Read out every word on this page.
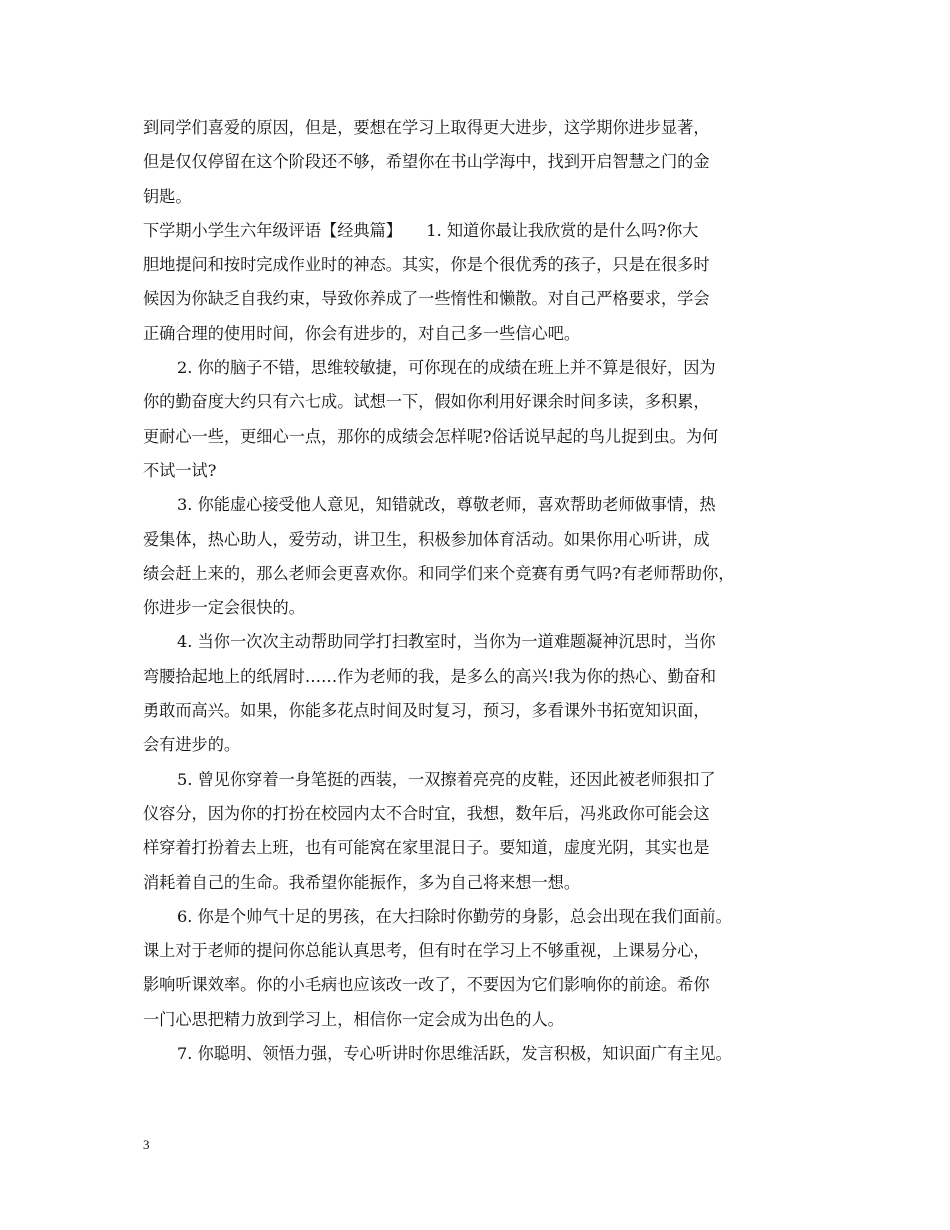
到同学们喜爱的原因，但是，要想在学习上取得更大进步，这学期你进步显著，
但是仅仅停留在这个阶段还不够，希望你在书山学海中，找到开启智慧之门的金
钥匙。
下学期小学生六年级评语【经典篇】　　1. 知道你最让我欣赏的是什么吗?你大
胆地提问和按时完成作业时的神态。其实，你是个很优秀的孩子，只是在很多时
候因为你缺乏自我约束，导致你养成了一些惰性和懒散。对自己严格要求，学会
正确合理的使用时间，你会有进步的，对自己多一些信心吧。
2. 你的脑子不错，思维较敏捷，可你现在的成绩在班上并不算是很好，因为
你的勤奋度大约只有六七成。试想一下，假如你利用好课余时间多读，多积累，
更耐心一些，更细心一点，那你的成绩会怎样呢?俗话说早起的鸟儿捉到虫。为何
不试一试?
3. 你能虚心接受他人意见，知错就改，尊敬老师，喜欢帮助老师做事情，热
爱集体，热心助人，爱劳动，讲卫生，积极参加体育活动。如果你用心听讲，成
绩会赶上来的，那么老师会更喜欢你。和同学们来个竞赛有勇气吗?有老师帮助你，
你进步一定会很快的。
4. 当你一次次主动帮助同学打扫教室时，当你为一道难题凝神沉思时，当你
弯腰拾起地上的纸屑时……作为老师的我，是多么的高兴!我为你的热心、勤奋和
勇敢而高兴。如果，你能多花点时间及时复习，预习，多看课外书拓宽知识面，
会有进步的。
5. 曾见你穿着一身笔挺的西装，一双擦着亮亮的皮鞋，还因此被老师狠扣了
仪容分，因为你的打扮在校园内太不合时宜，我想，数年后，冯兆政你可能会这
样穿着打扮着去上班，也有可能窝在家里混日子。要知道，虚度光阴，其实也是
消耗着自己的生命。我希望你能振作，多为自己将来想一想。
6. 你是个帅气十足的男孩，在大扫除时你勤劳的身影，总会出现在我们面前。
课上对于老师的提问你总能认真思考，但有时在学习上不够重视，上课易分心，
影响听课效率。你的小毛病也应该改一改了，不要因为它们影响你的前途。希你
一门心思把精力放到学习上，相信你一定会成为出色的人。
7. 你聪明、领悟力强，专心听讲时你思维活跃，发言积极，知识面广有主见。
3
